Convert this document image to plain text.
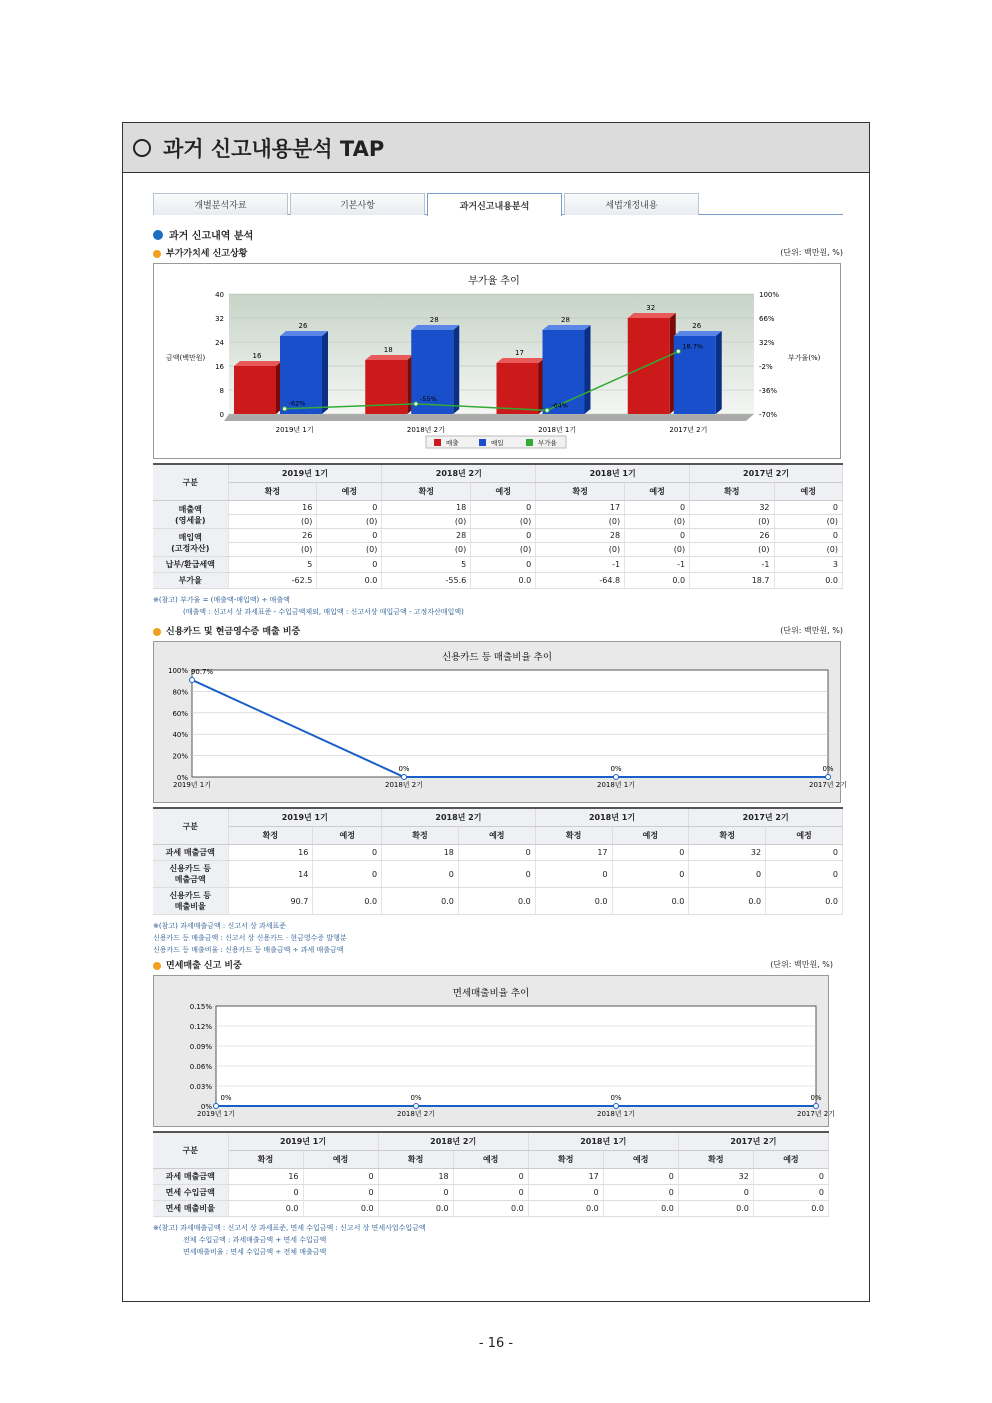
과거 신고내용분석 TAP
개별분석자료	기본사항	과거신고내용분석	세법개정내용
과거 신고내역 분석
부가가치세 신고상황	(단위: 백만원, %)
부가율 추이
40
32
24
16
8
0
100%
66%
32%
-2%
-36%
-70%
금액(백만원)	부가율(%)
16
26
2019년 1기
18
28
2018년 2기
17
28
2018년 1기
32
26
2017년 2기
-62%
-55%
-64%
18.7%
매출	매입	부가율
구분	2019년 1기		2018년 2기		2018년 1기		2017년 2기	
	확정	예정	확정	예정	확정	예정	확정	예정
매출액
(영세율)	16	0	18	0	17	0	32	0
	(0)	(0)	(0)	(0)	(0)	(0)	(0)	(0)
매입액
(고정자산)	26	0	28	0	28	0	26	0
	(0)	(0)	(0)	(0)	(0)	(0)	(0)	(0)
납부/환급세액	5	0	5	0	-1	-1	-1	3
부가율	-62.5	0.0	-55.6	0.0	-64.8	0.0	18.7	0.0
※(참고) 부가율 = (매출액-매입액) ÷ 매출액
(매출액 : 신고서 상 과세표준 - 수입금액제외, 매입액 : 신고서상 매입금액 - 고정자산매입액)
신용카드 및 현금영수증 매출 비중	(단위: 백만원, %)
신용카드 등 매출비율 추이
100%
80%
60%
40%
20%
0%
90.7%
2019년 1기
0%
2018년 2기
0%
2018년 1기
0%
2017년 2기
구분	2019년 1기		2018년 2기		2018년 1기		2017년 2기	
	확정	예정	확정	예정	확정	예정	확정	예정
과세 매출금액	16	0	18	0	17	0	32	0
신용카드 등
매출금액	14	0	0	0	0	0	0	0
신용카드 등
매출비율	90.7	0.0	0.0	0.0	0.0	0.0	0.0	0.0
※(참고) 과세매출금액 : 신고서 상 과세표준
신용카드 등 매출금액 : 신고서 상 신용카드 · 현금영수증 발행분
신용카드 등 매출비율 : 신용카드 등 매출금액 ÷ 과세 매출금액
면세매출 신고 비중	(단위: 백만원, %)
면세매출비율 추이
0.15%
0.12%
0.09%
0.06%
0.03%
0%
0%
2019년 1기
0%
2018년 2기
0%
2018년 1기
0%
2017년 2기
구분	2019년 1기		2018년 2기		2018년 1기		2017년 2기	
	확정	예정	확정	예정	확정	예정	확정	예정
과세 매출금액	16	0	18	0	17	0	32	0
면세 수입금액	0	0	0	0	0	0	0	0
면세 매출비율	0.0	0.0	0.0	0.0	0.0	0.0	0.0	0.0
※(참고) 과세매출금액 : 신고서 상 과세표준, 면세 수입금액 : 신고서 상 면세사업수입금액
전체 수입금액 : 과세매출금액 + 면세 수입금액
면세매출비율 : 면세 수입금액 ÷ 전체 매출금액
- 16 -
